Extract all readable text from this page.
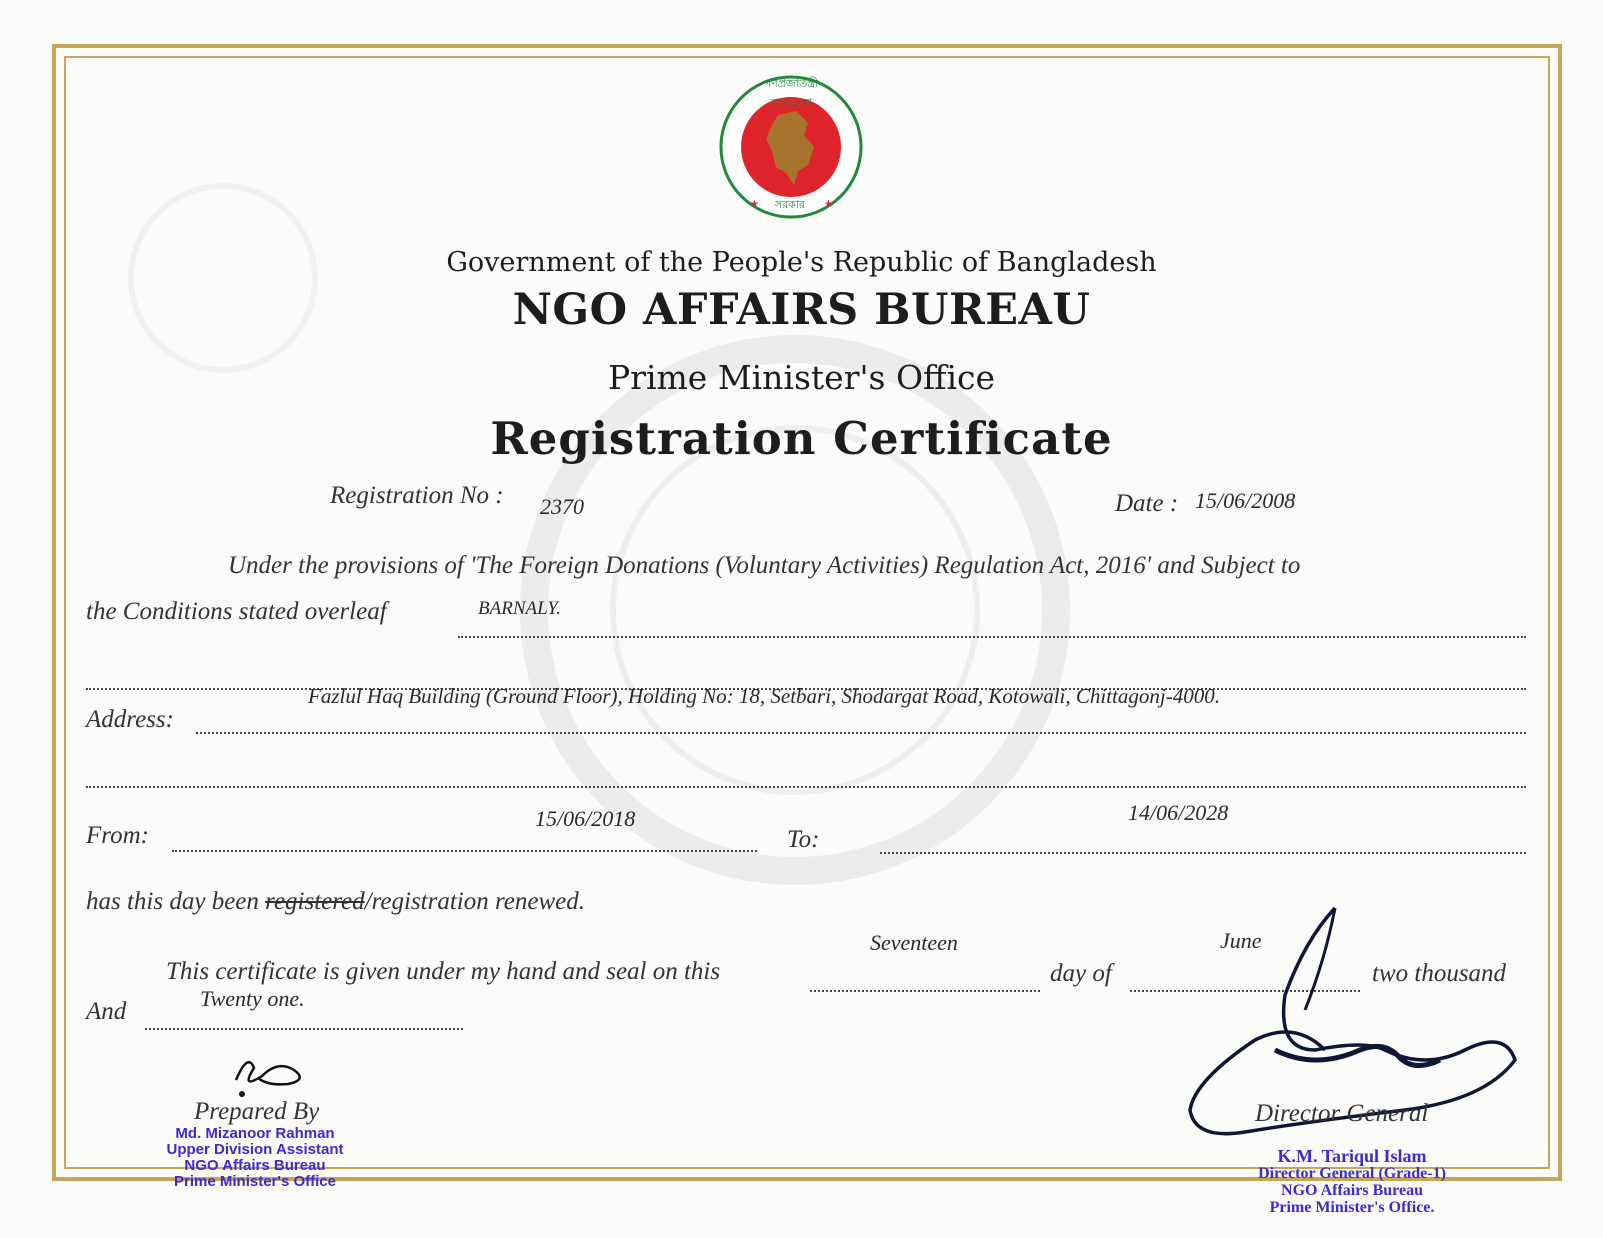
★	★
গণপ্রজাতন্ত্রী বাংলাদেশ
সরকার
Government of the People's Republic of Bangladesh
NGO AFFAIRS BUREAU
Prime Minister's Office
Registration Certificate
Registration No : 2370	Date : 15/06/2008
Under the provisions of 'The Foreign Donations (Voluntary Activities) Regulation Act, 2016' and Subject to
the Conditions stated overleaf	BARNALY.
Address:
Fazlul Haq Building (Ground Floor), Holding No: 18, Setbari, Shodargat Road, Kotowali, Chittagonj-4000.
From:
15/06/2018
To:
14/06/2028
has this day been registered/registration renewed.
This certificate is given under my hand and seal on this
Seventeen
day of
June
two thousand
And	Twenty one.
Prepared By
Md. Mizanoor Rahman
Upper Division Assistant
NGO Affairs Bureau
Prime Minister's Office
Director General
K.M. Tariqul Islam
Director General (Grade-1)
NGO Affairs Bureau
Prime Minister's Office.
